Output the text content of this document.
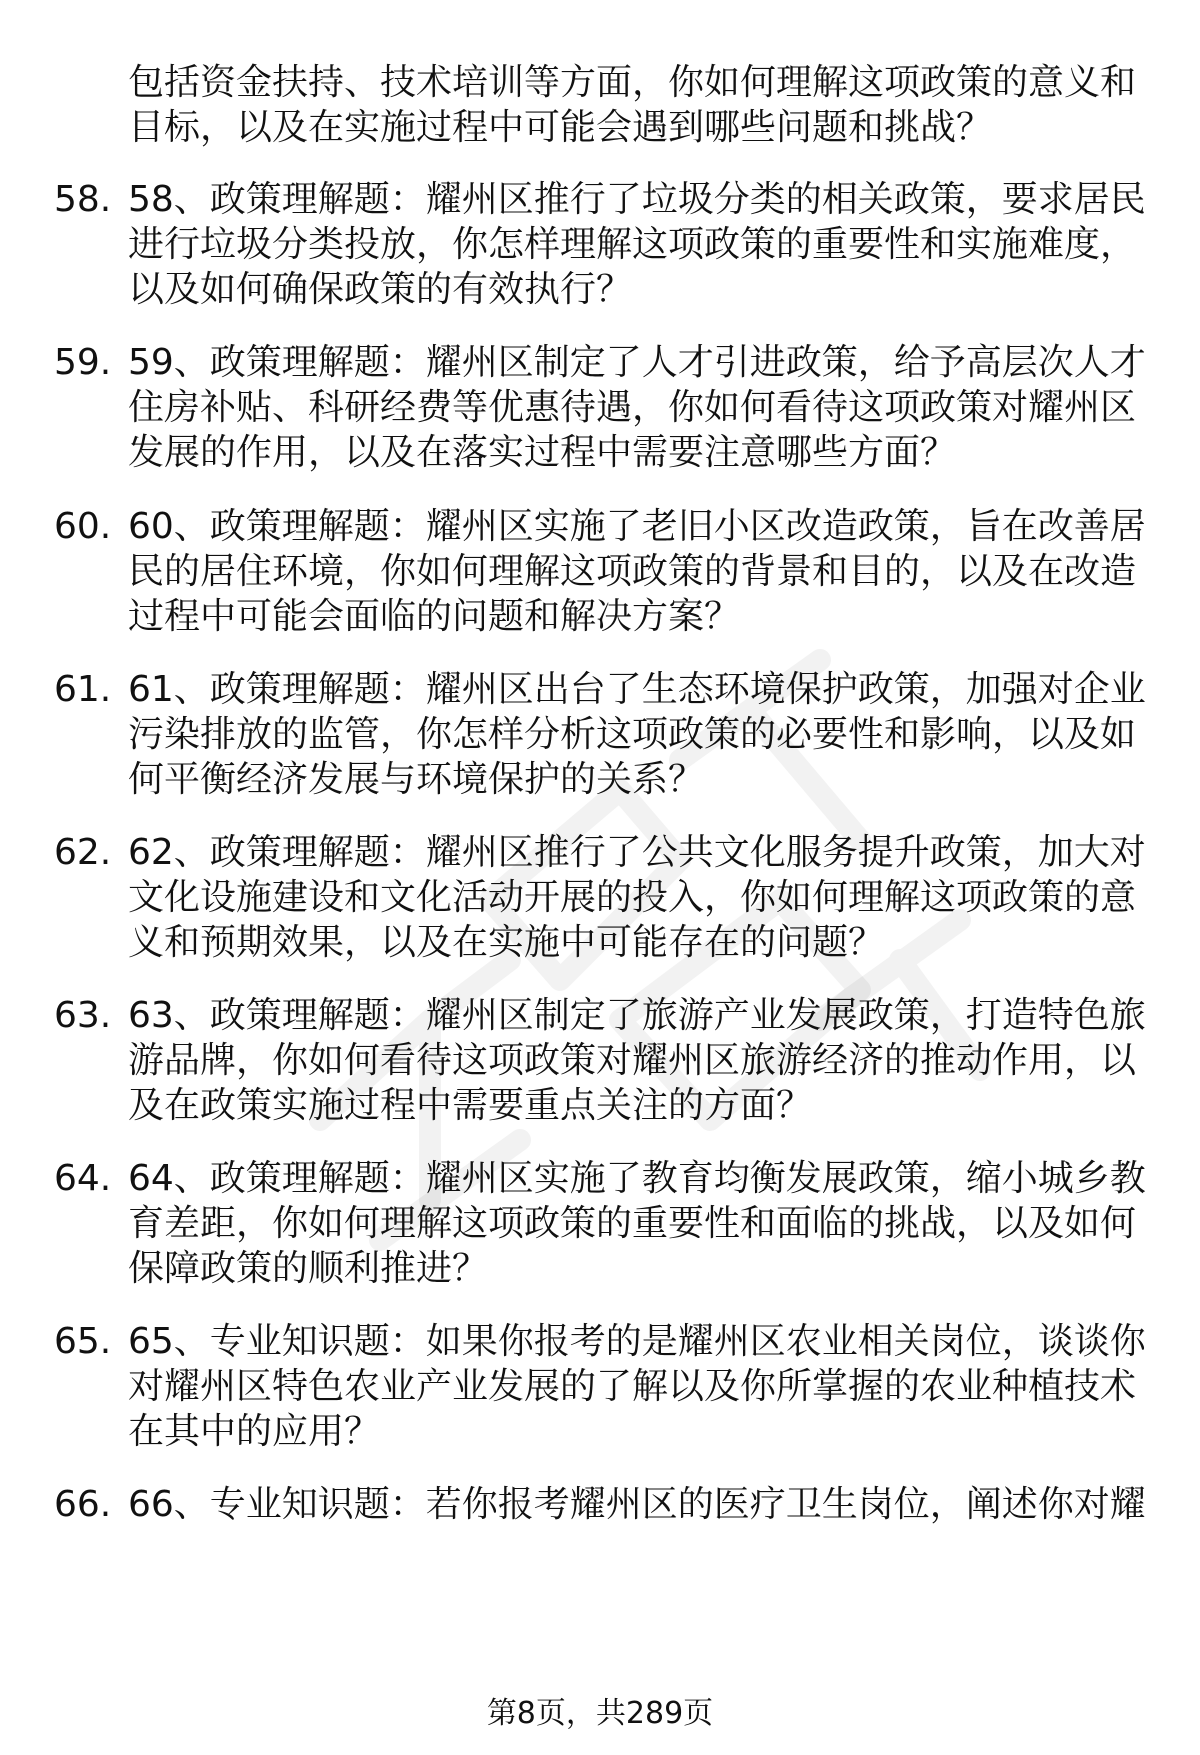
包括资金扶持、技术培训等方面，你如何理解这项政策的意义和目标，以及在实施过程中可能会遇到哪些问题和挑战？
58. 58、政策理解题：耀州区推行了垃圾分类的相关政策，要求居民进行垃圾分类投放，你怎样理解这项政策的重要性和实施难度，以及如何确保政策的有效执行？
59. 59、政策理解题：耀州区制定了人才引进政策，给予高层次人才住房补贴、科研经费等优惠待遇，你如何看待这项政策对耀州区发展的作用，以及在落实过程中需要注意哪些方面？
60. 60、政策理解题：耀州区实施了老旧小区改造政策，旨在改善居民的居住环境，你如何理解这项政策的背景和目的，以及在改造过程中可能会面临的问题和解决方案？
61. 61、政策理解题：耀州区出台了生态环境保护政策，加强对企业污染排放的监管，你怎样分析这项政策的必要性和影响，以及如何平衡经济发展与环境保护的关系？
62. 62、政策理解题：耀州区推行了公共文化服务提升政策，加大对文化设施建设和文化活动开展的投入，你如何理解这项政策的意义和预期效果，以及在实施中可能存在的问题？
63. 63、政策理解题：耀州区制定了旅游产业发展政策，打造特色旅游品牌，你如何看待这项政策对耀州区旅游经济的推动作用，以及在政策实施过程中需要重点关注的方面？
64. 64、政策理解题：耀州区实施了教育均衡发展政策，缩小城乡教育差距，你如何理解这项政策的重要性和面临的挑战，以及如何保障政策的顺利推进？
65. 65、专业知识题：如果你报考的是耀州区农业相关岗位，谈谈你对耀州区特色农业产业发展的了解以及你所掌握的农业种植技术在其中的应用？
66. 66、专业知识题：若你报考耀州区的医疗卫生岗位，阐述你对耀
第8页，共289页
